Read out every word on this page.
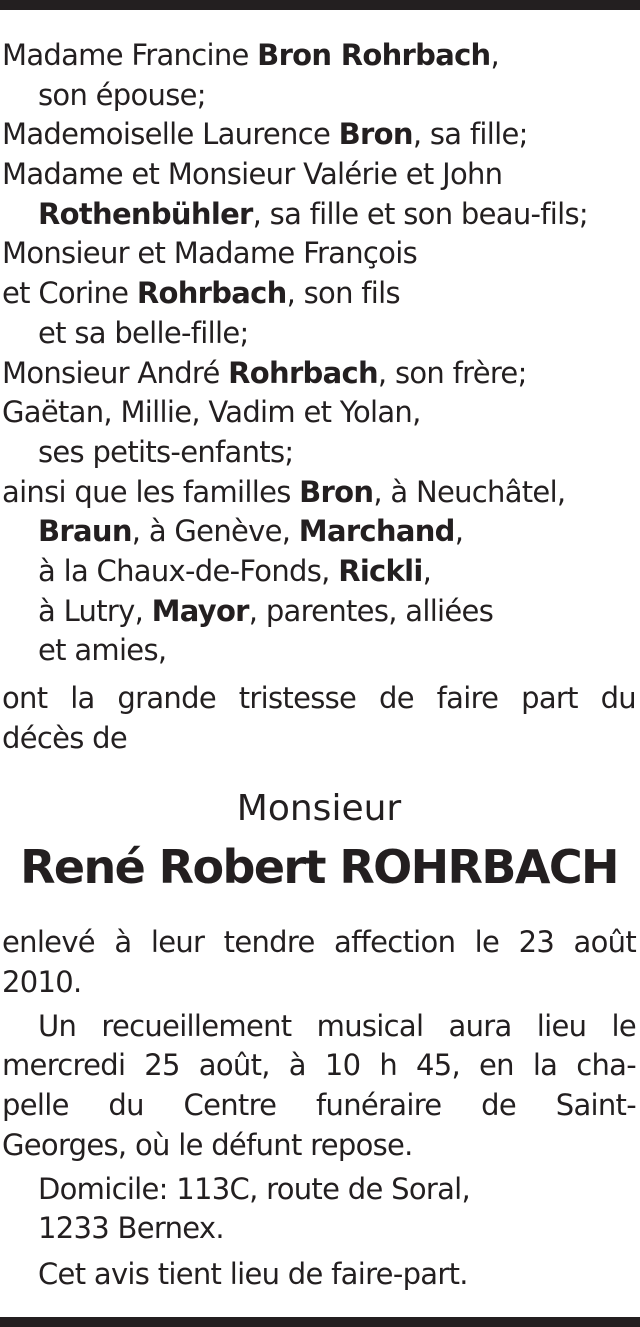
Madame Francine Bron Rohrbach,
son épouse;
Mademoiselle Laurence Bron, sa fille;
Madame et Monsieur Valérie et John
Rothenbühler, sa fille et son beau-fils;
Monsieur et Madame François
et Corine Rohrbach, son fils
et sa belle-fille;
Monsieur André Rohrbach, son frère;
Gaëtan, Millie, Vadim et Yolan,
ses petits-enfants;
ainsi que les familles Bron, à Neuchâtel,
Braun, à Genève, Marchand,
à la Chaux-de-Fonds, Rickli,
à Lutry, Mayor, parentes, alliées
et amies,
ont la grande tristesse de faire part du
décès de
Monsieur
René Robert ROHRBACH
enlevé à leur tendre affection le 23 août
2010.
Un recueillement musical aura lieu le
mercredi 25 août, à 10 h 45, en la cha-
pelle du Centre funéraire de Saint-
Georges, où le défunt repose.
Domicile: 113C, route de Soral,
1233 Bernex.
Cet avis tient lieu de faire-part.
